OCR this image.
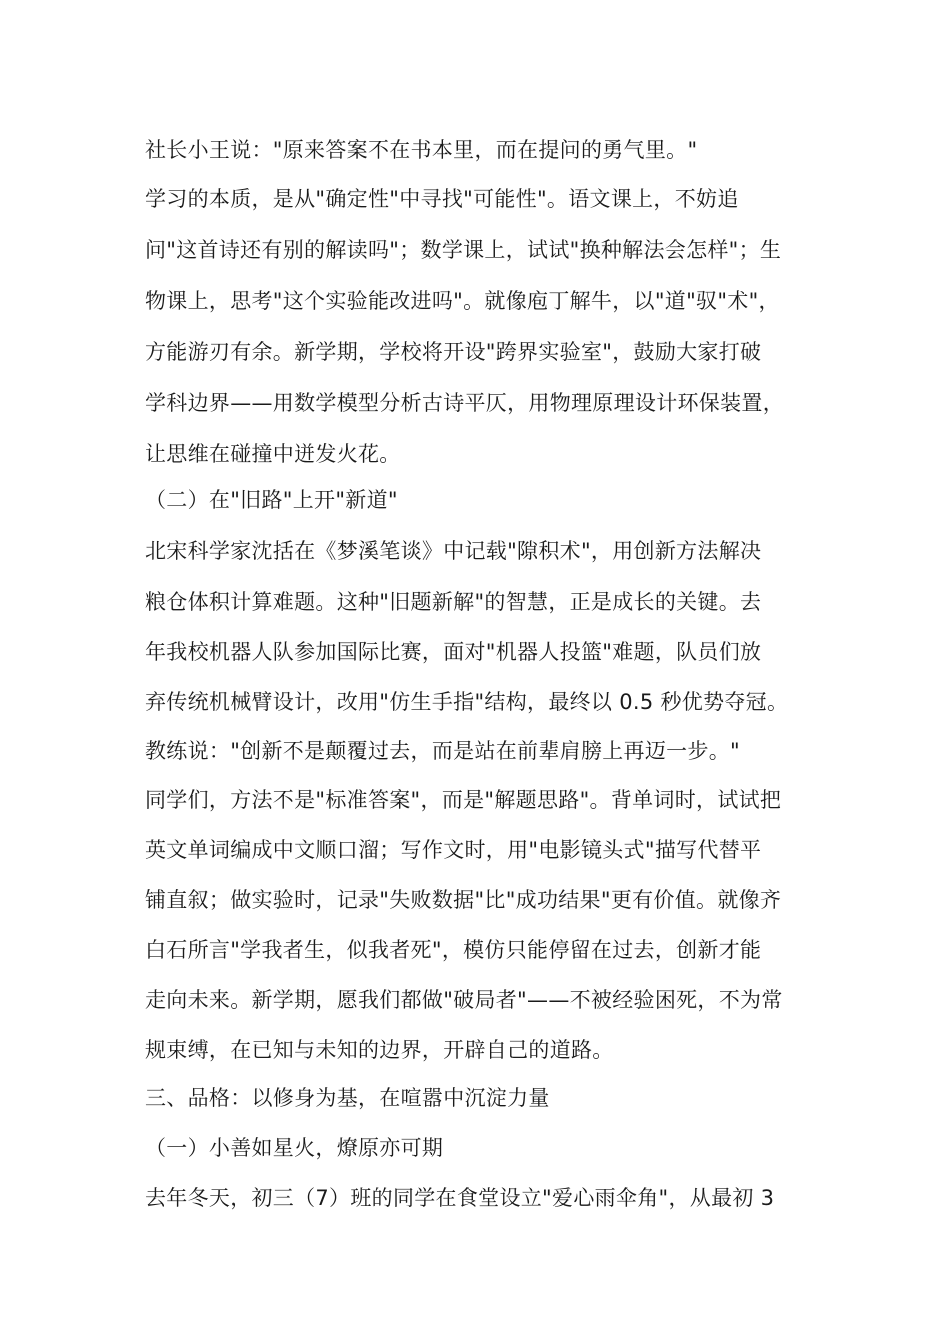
社长小王说："原来答案不在书本里，而在提问的勇气里。"
学习的本质，是从"确定性"中寻找"可能性"。语文课上，不妨追
问"这首诗还有别的解读吗"；数学课上，试试"换种解法会怎样"；生
物课上，思考"这个实验能改进吗"。就像庖丁解牛，以"道"驭"术"，
方能游刃有余。新学期，学校将开设"跨界实验室"，鼓励大家打破
学科边界——用数学模型分析古诗平仄，用物理原理设计环保装置，
让思维在碰撞中迸发火花。
（二）在"旧路"上开"新道"
北宋科学家沈括在《梦溪笔谈》中记载"隙积术"，用创新方法解决
粮仓体积计算难题。这种"旧题新解"的智慧，正是成长的关键。去
年我校机器人队参加国际比赛，面对"机器人投篮"难题，队员们放
弃传统机械臂设计，改用"仿生手指"结构，最终以 0.5 秒优势夺冠。
教练说："创新不是颠覆过去，而是站在前辈肩膀上再迈一步。"
同学们，方法不是"标准答案"，而是"解题思路"。背单词时，试试把
英文单词编成中文顺口溜；写作文时，用"电影镜头式"描写代替平
铺直叙；做实验时，记录"失败数据"比"成功结果"更有价值。就像齐
白石所言"学我者生，似我者死"，模仿只能停留在过去，创新才能
走向未来。新学期，愿我们都做"破局者"——不被经验困死，不为常
规束缚，在已知与未知的边界，开辟自己的道路。
三、品格：以修身为基，在喧嚣中沉淀力量
（一）小善如星火，燎原亦可期
去年冬天，初三（7）班的同学在食堂设立"爱心雨伞角"，从最初 3
